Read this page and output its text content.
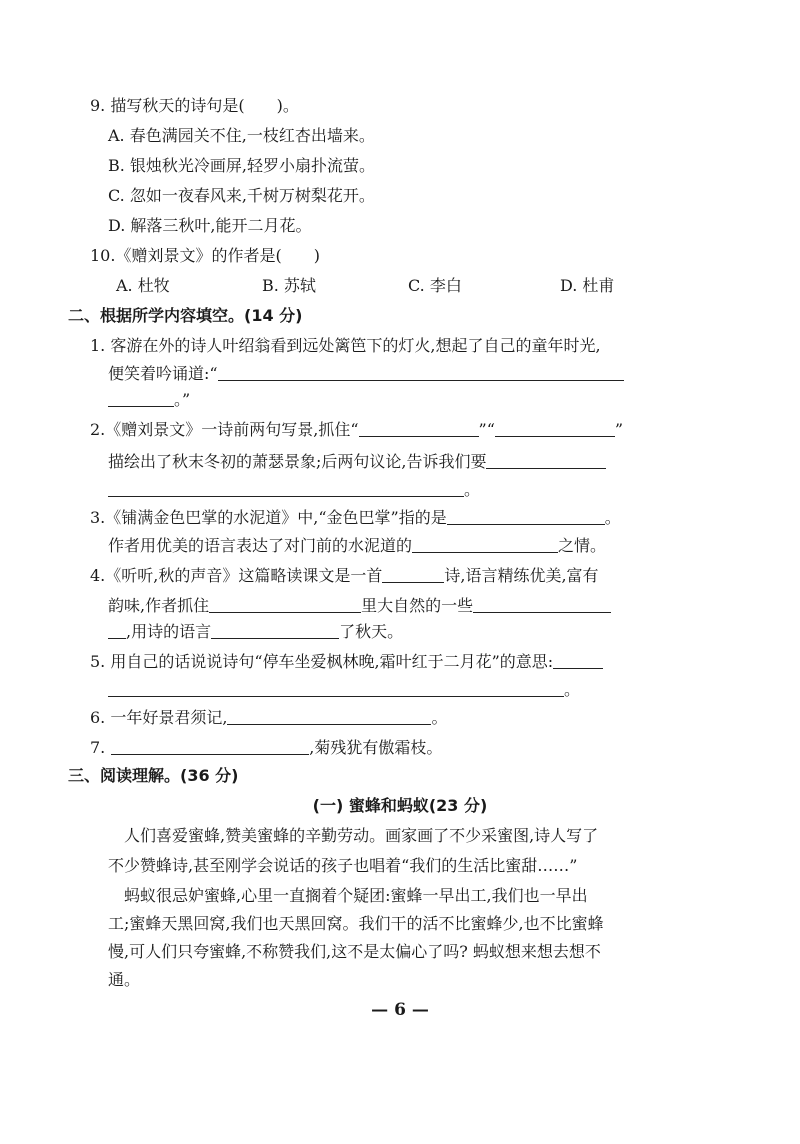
9. 描写秋天的诗句是(　　)。
A. 春色满园关不住,一枝红杏出墙来。
B. 银烛秋光冷画屏,轻罗小扇扑流萤。
C. 忽如一夜春风来,千树万树梨花开。
D. 解落三秋叶,能开二月花。
10.《赠刘景文》的作者是(　　)
A. 杜牧	B. 苏轼	C. 李白	D. 杜甫
二、根据所学内容填空。(14 分)
1. 客游在外的诗人叶绍翁看到远处篱笆下的灯火,想起了自己的童年时光,
便笑着吟诵道:“
。”
2.《赠刘景文》一诗前两句写景,抓住“	”“	”
描绘出了秋末冬初的萧瑟景象;后两句议论,告诉我们要
。
3.《铺满金色巴掌的水泥道》中,“金色巴掌”指的是	。
作者用优美的语言表达了对门前的水泥道的	之情。
4.《听听,秋的声音》这篇略读课文是一首	诗,语言精练优美,富有
韵味,作者抓住	里大自然的一些
,用诗的语言	了秋天。
5. 用自己的话说说诗句“停车坐爱枫林晚,霜叶红于二月花”的意思:
。
6. 一年好景君须记,	。
7.	,菊残犹有傲霜枝。
三、阅读理解。(36 分)
(一) 蜜蜂和蚂蚁(23 分)
人们喜爱蜜蜂,赞美蜜蜂的辛勤劳动。画家画了不少采蜜图,诗人写了
不少赞蜂诗,甚至刚学会说话的孩子也唱着“我们的生活比蜜甜……”
蚂蚁很忌妒蜜蜂,心里一直搁着个疑团:蜜蜂一早出工,我们也一早出
工;蜜蜂天黑回窝,我们也天黑回窝。我们干的活不比蜜蜂少,也不比蜜蜂
慢,可人们只夸蜜蜂,不称赞我们,这不是太偏心了吗? 蚂蚁想来想去想不
通。
— 6 —
